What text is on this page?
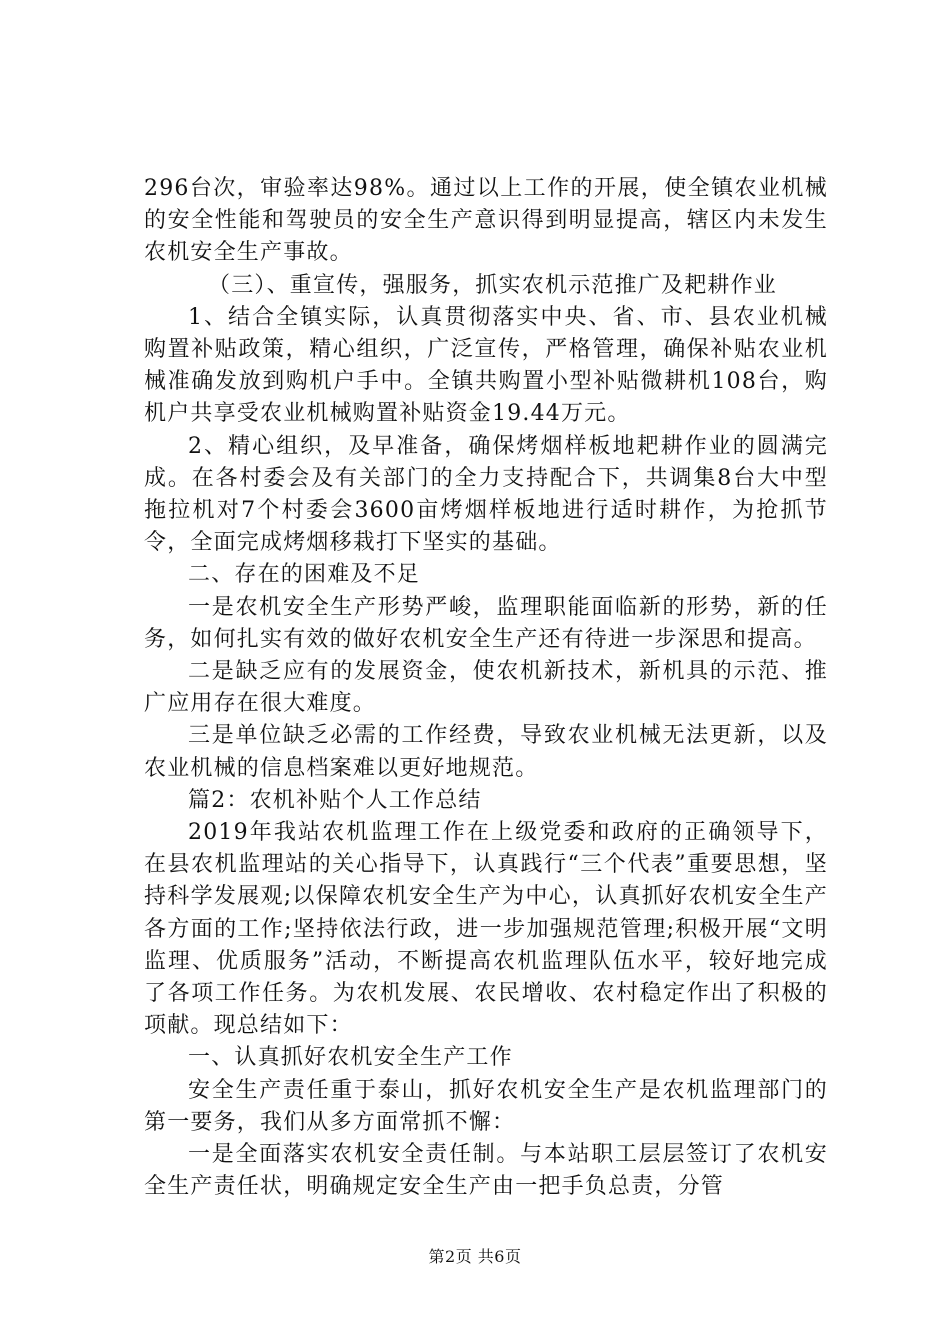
296台次，审验率达98%。通过以上工作的开展，使全镇农业机械的安全性能和驾驶员的安全生产意识得到明显提高，辖区内未发生农机安全生产事故。

（三）、重宣传，强服务，抓实农机示范推广及耙耕作业

1、结合全镇实际，认真贯彻落实中央、省、市、县农业机械购置补贴政策，精心组织，广泛宣传，严格管理，确保补贴农业机械准确发放到购机户手中。全镇共购置小型补贴微耕机108台，购机户共享受农业机械购置补贴资金19.44万元。

2、精心组织，及早准备，确保烤烟样板地耙耕作业的圆满完成。在各村委会及有关部门的全力支持配合下，共调集8台大中型拖拉机对7个村委会3600亩烤烟样板地进行适时耕作，为抢抓节令，全面完成烤烟移栽打下坚实的基础。

二、存在的困难及不足

一是农机安全生产形势严峻，监理职能面临新的形势，新的任务，如何扎实有效的做好农机安全生产还有待进一步深思和提高。

二是缺乏应有的发展资金，使农机新技术，新机具的示范、推广应用存在很大难度。

三是单位缺乏必需的工作经费，导致农业机械无法更新，以及农业机械的信息档案难以更好地规范。

篇2：农机补贴个人工作总结

2019年我站农机监理工作在上级党委和政府的正确领导下，在县农机监理站的关心指导下，认真践行“三个代表”重要思想，坚持科学发展观;以保障农机安全生产为中心，认真抓好农机安全生产各方面的工作;坚持依法行政，进一步加强规范管理;积极开展“文明监理、优质服务”活动，不断提高农机监理队伍水平，较好地完成了各项工作任务。为农机发展、农民增收、农村稳定作出了积极的项献。现总结如下：

一、认真抓好农机安全生产工作

安全生产责任重于泰山，抓好农机安全生产是农机监理部门的第一要务，我们从多方面常抓不懈：

一是全面落实农机安全责任制。与本站职工层层签订了农机安全生产责任状，明确规定安全生产由一把手负总责，分管

第2页 共6页
